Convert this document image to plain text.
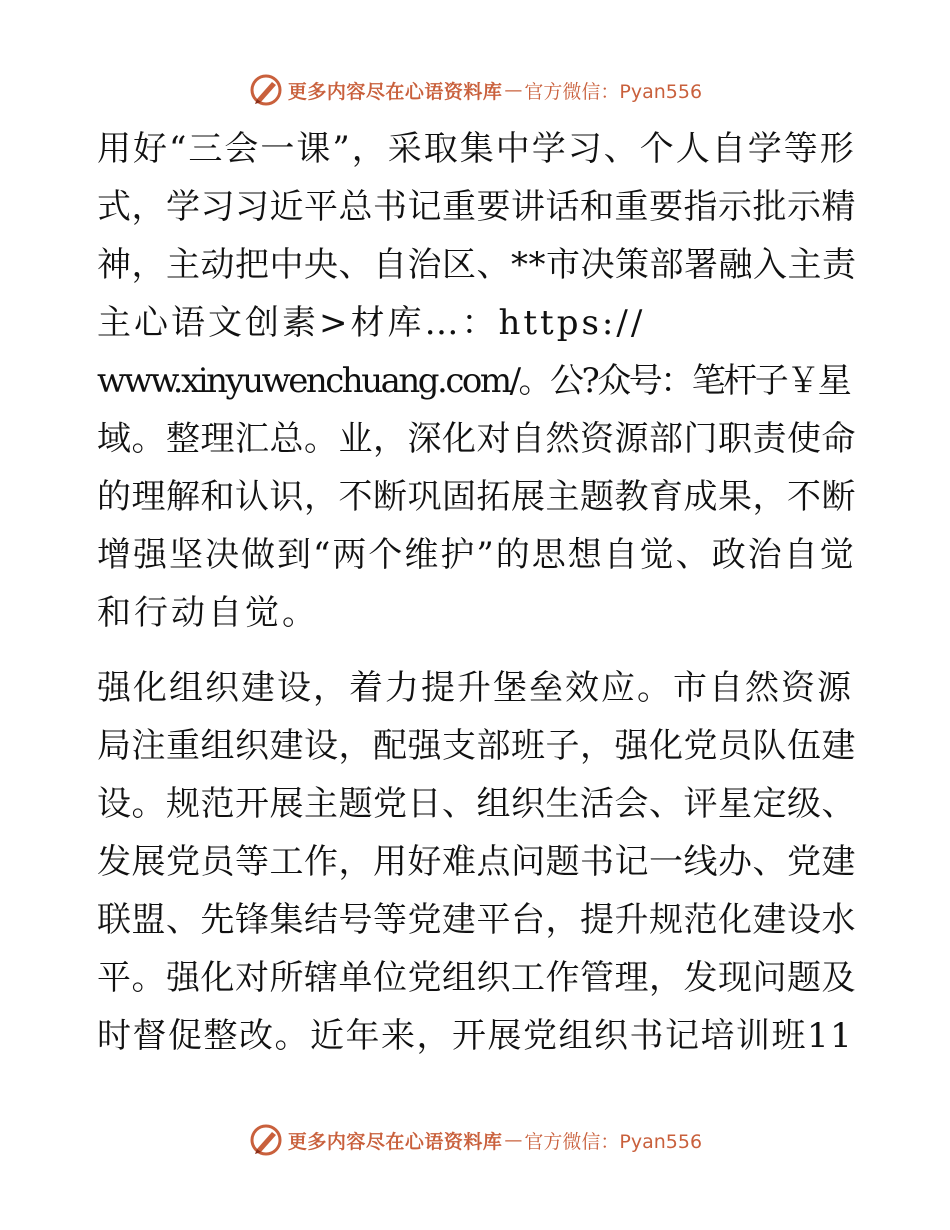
更多内容尽在心语资料库 — 官方微信：Pyan556

用好“三会一课”，采取集中学习、个人自学等形
式，学习习近平总书记重要讲话和重要指示批示精
神，主动把中央、自治区、**市决策部署融入主责
主心语文创素>材库…：https://
www.xinyuwenchuang.com/。公?众号：笔杆子￥星
域。整理汇总。业，深化对自然资源部门职责使命
的理解和认识，不断巩固拓展主题教育成果，不断
增强坚决做到“两个维护”的思想自觉、政治自觉
和行动自觉。

强化组织建设，着力提升堡垒效应。市自然资源
局注重组织建设，配强支部班子，强化党员队伍建
设。规范开展主题党日、组织生活会、评星定级、
发展党员等工作，用好难点问题书记一线办、党建
联盟、先锋集结号等党建平台，提升规范化建设水
平。强化对所辖单位党组织工作管理，发现问题及
时督促整改。近年来，开展党组织书记培训班11

更多内容尽在心语资料库 — 官方微信：Pyan556
